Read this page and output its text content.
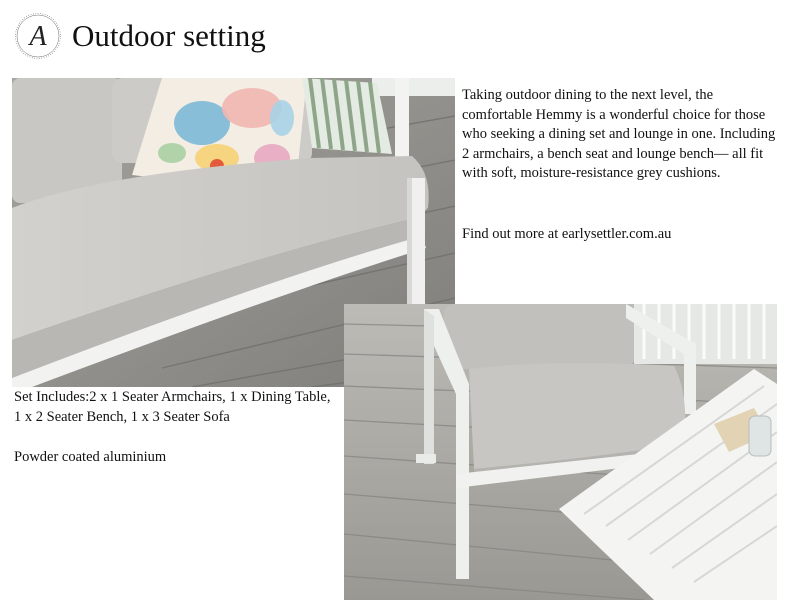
A Outdoor setting
Taking outdoor dining to the next level, the comfortable Hemmy is a wonderful choice for those who seeking a dining set and lounge in one. Including 2 armchairs, a bench seat and lounge bench— all fit with soft, moisture-resistance grey cushions.
Find out more at earlysettler.com.au
Set Includes:2 x 1 Seater Armchairs, 1 x Dining Table, 1 x 2 Seater Bench, 1 x 3 Seater Sofa
Powder coated aluminium
